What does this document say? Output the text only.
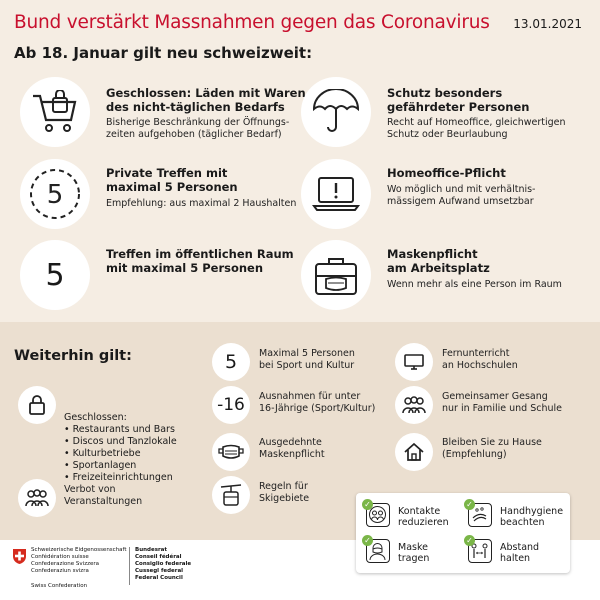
Bund verstärkt Massnahmen gegen das Coronavirus 13.01.2021
Ab 18. Januar gilt neu schweizweit:
Geschlossen: Läden mit Waren
des nicht-täglichen Bedarfs
Bisherige Beschränkung der Öffnungs-
zeiten aufgehoben (täglicher Bedarf)
Schutz besonders
gefährdeter Personen
Recht auf Homeoffice, gleichwertigen
Schutz oder Beurlaubung
5
Private Treffen mit
maximal 5 Personen
Empfehlung: aus maximal 2 Haushalten
Homeoffice-Pflicht
Wo möglich und mit verhältnis-
mässigem Aufwand umsetzbar
5
Treffen im öffentlichen Raum
mit maximal 5 Personen
Maskenpflicht
am Arbeitsplatz
Wenn mehr als eine Person im Raum
Weiterhin gilt:
Geschlossen:
• Restaurants und Bars
• Discos und Tanzlokale
• Kulturbetriebe
• Sportanlagen
• Freizeiteinrichtungen
Verbot von
Veranstaltungen
5 Maximal 5 Personen
bei Sport und Kultur
-16 Ausnahmen für unter
16-Jährige (Sport/Kultur)
Ausgedehnte
Maskenpflicht
Regeln für
Skigebiete
Fernunterricht
an Hochschulen
Gemeinsamer Gesang
nur in Familie und Schule
Bleiben Sie zu Hause
(Empfehlung)
✓
Kontakte
reduzieren
✓
Handhygiene
beachten
✓
Maske
tragen
✓
Abstand
halten
Schweizerische Eidgenossenschaft
Confédération suisse
Confederazione Svizzera
Confederaziun svizra
Swiss Confederation
Bundesrat
Conseil fédéral
Consiglio federale
Cussegl federal
Federal Council
